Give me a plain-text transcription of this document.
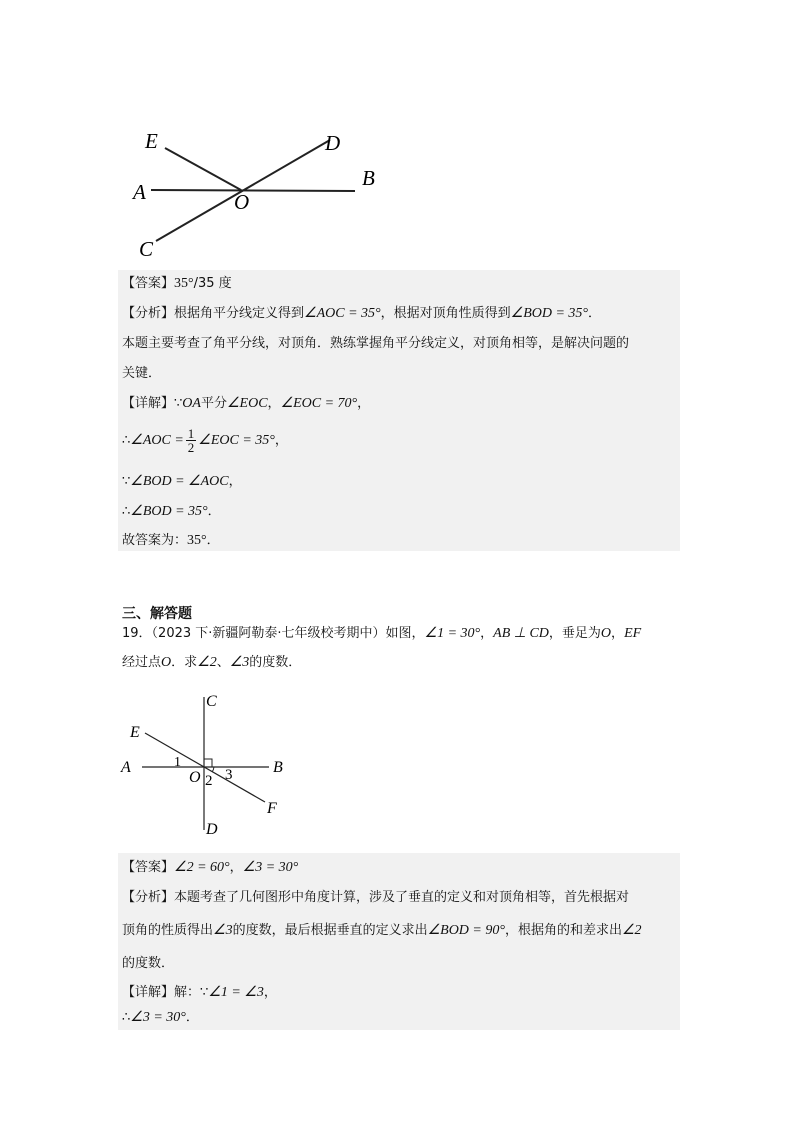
E	D
A	O
B
C
【答案】35°/35 度
【分析】根据角平分线定义得到∠AOC = 35°，根据对顶角性质得到∠BOD = 35°．
本题主要考查了角平分线，对顶角．熟练掌握角平分线定义，对顶角相等，是解决问题的
关键．
【详解】∵OA平分∠EOC，∠EOC = 70°，
∴∠AOC = $\frac{1}{2}$ ∠EOC = 35°，
∵∠BOD = ∠AOC，
∴∠BOD = 35°．
故答案为：35°．
三、解答题
19．（2023 下·新疆阿勒泰·七年级校考期中）如图，∠1 = 30°，AB ⊥ CD，垂足为O，EF
经过点O．求∠2、∠3的度数．
C
E
A	B
O
1
2 3
F
D
【答案】∠2 = 60°，∠3 = 30°
【分析】本题考查了几何图形中角度计算，涉及了垂直的定义和对顶角相等，首先根据对
顶角的性质得出∠3的度数，最后根据垂直的定义求出∠BOD = 90°，根据角的和差求出∠2
的度数．
【详解】解：∵∠1 = ∠3，
∴∠3 = 30°．
